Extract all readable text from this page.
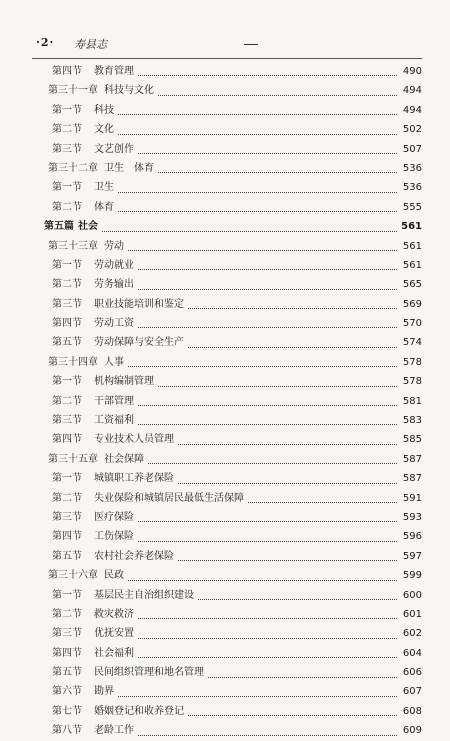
·2· 寿县志
第四节	教育管理	490
第三十一章 科技与文化	494
第一节	科技	494
第二节	文化	502
第三节	文艺创作	507
第三十二章 卫生　体育	536
第一节	卫生	536
第二节	体育	555
第五篇 社会	561
第三十三章 劳动	561
第一节	劳动就业	561
第二节	劳务输出	565
第三节	职业技能培训和鉴定	569
第四节	劳动工资	570
第五节	劳动保障与安全生产	574
第三十四章 人事	578
第一节	机构编制管理	578
第二节	干部管理	581
第三节	工资福利	583
第四节	专业技术人员管理	585
第三十五章 社会保障	587
第一节	城镇职工养老保险	587
第二节	失业保险和城镇居民最低生活保障	591
第三节	医疗保险	593
第四节	工伤保险	596
第五节	农村社会养老保险	597
第三十六章 民政	599
第一节	基层民主自治组织建设	600
第二节	救灾救济	601
第三节	优抚安置	602
第四节	社会福利	604
第五节	民间组织管理和地名管理	606
第六节	勘界	607
第七节	婚姻登记和收养登记	608
第八节	老龄工作	609
